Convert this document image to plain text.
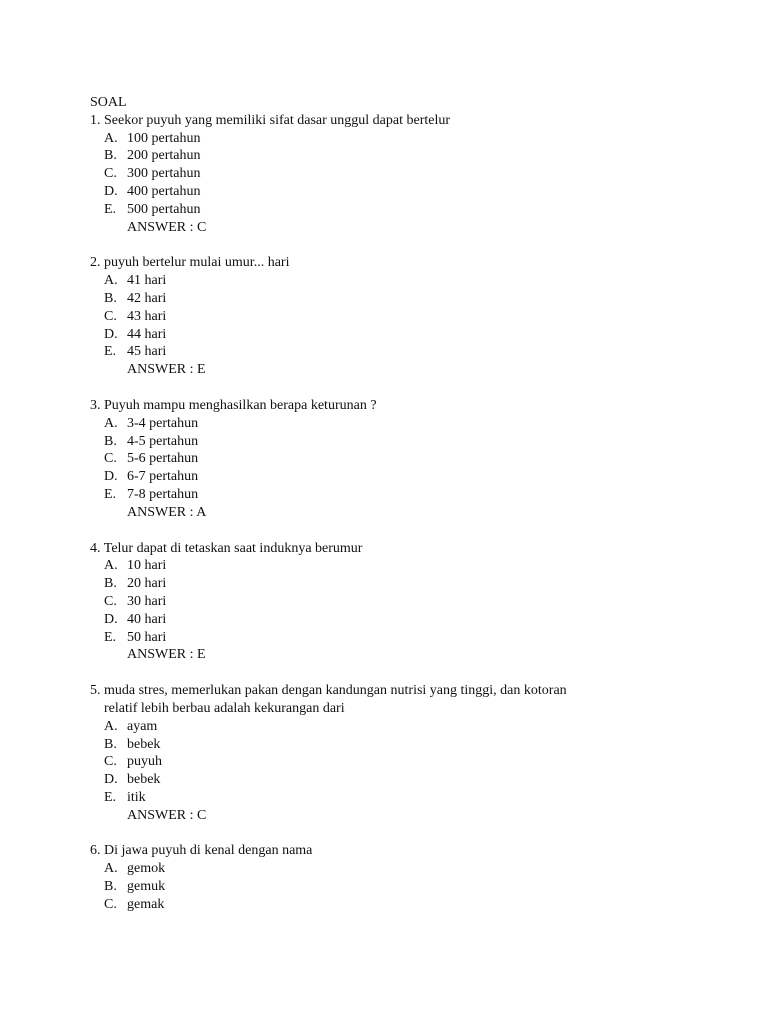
SOAL
1. Seekor puyuh yang memiliki sifat dasar unggul dapat bertelur
A. 100 pertahun
B. 200 pertahun
C. 300 pertahun
D. 400 pertahun
E. 500 pertahun
ANSWER : C
2. puyuh bertelur mulai umur... hari
A. 41 hari
B. 42 hari
C. 43 hari
D. 44 hari
E. 45 hari
ANSWER : E
3. Puyuh mampu menghasilkan berapa keturunan ?
A. 3-4 pertahun
B. 4-5 pertahun
C. 5-6 pertahun
D. 6-7 pertahun
E. 7-8 pertahun
ANSWER : A
4. Telur dapat di tetaskan saat induknya berumur
A. 10 hari
B. 20 hari
C. 30 hari
D. 40 hari
E. 50 hari
ANSWER : E
5. muda stres, memerlukan pakan dengan kandungan nutrisi yang tinggi, dan kotoran
relatif lebih berbau adalah kekurangan dari
A. ayam
B. bebek
C. puyuh
D. bebek
E. itik
ANSWER : C
6. Di jawa puyuh di kenal dengan nama
A. gemok
B. gemuk
C. gemak
